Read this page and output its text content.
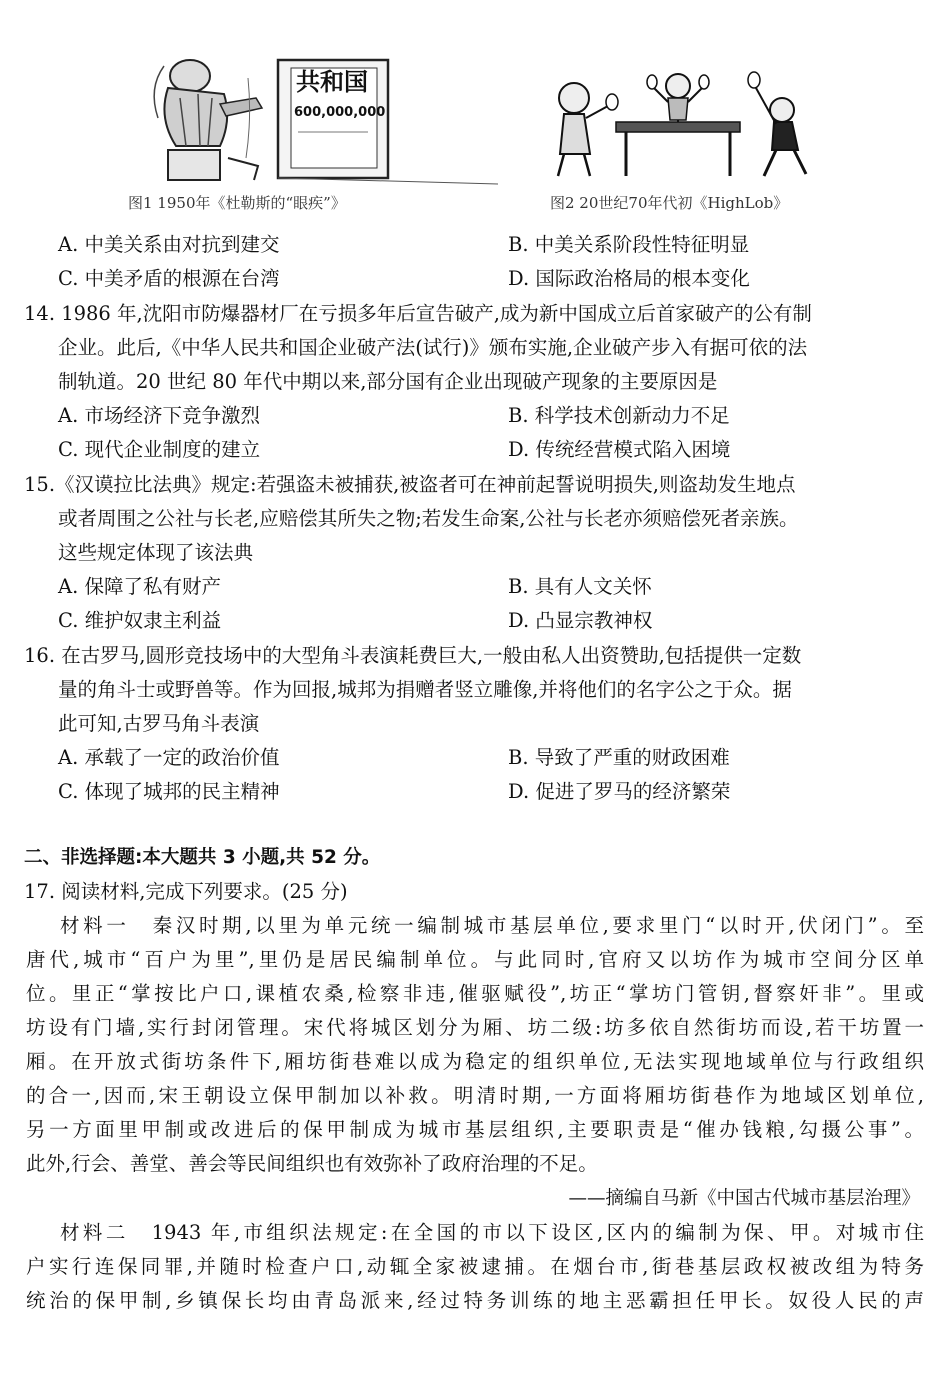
共和国
600,000,000
图1 1950年《杜勒斯的“眼疾”》	图2 20世纪70年代初《HighLob》
A. 中美关系由对抗到建交	B. 中美关系阶段性特征明显
C. 中美矛盾的根源在台湾	D. 国际政治格局的根本变化
14. 1986 年,沈阳市防爆器材厂在亏损多年后宣告破产,成为新中国成立后首家破产的公有制
企业。此后,《中华人民共和国企业破产法(试行)》颁布实施,企业破产步入有据可依的法
制轨道。20 世纪 80 年代中期以来,部分国有企业出现破产现象的主要原因是
A. 市场经济下竞争激烈	B. 科学技术创新动力不足
C. 现代企业制度的建立	D. 传统经营模式陷入困境
15.《汉谟拉比法典》规定:若强盗未被捕获,被盗者可在神前起誓说明损失,则盗劫发生地点
或者周围之公社与长老,应赔偿其所失之物;若发生命案,公社与长老亦须赔偿死者亲族。
这些规定体现了该法典
A. 保障了私有财产	B. 具有人文关怀
C. 维护奴隶主利益	D. 凸显宗教神权
16. 在古罗马,圆形竞技场中的大型角斗表演耗费巨大,一般由私人出资赞助,包括提供一定数
量的角斗士或野兽等。作为回报,城邦为捐赠者竖立雕像,并将他们的名字公之于众。据
此可知,古罗马角斗表演
A. 承载了一定的政治价值	B. 导致了严重的财政困难
C. 体现了城邦的民主精神	D. 促进了罗马的经济繁荣
二、非选择题:本大题共 3 小题,共 52 分。
17. 阅读材料,完成下列要求。(25 分)
材料一　秦汉时期,以里为单元统一编制城市基层单位,要求里门“以时开,伏闭门”。至
唐代,城市“百户为里”,里仍是居民编制单位。与此同时,官府又以坊作为城市空间分区单
位。里正“掌按比户口,课植农桑,检察非违,催驱赋役”,坊正“掌坊门管钥,督察奸非”。里或
坊设有门墙,实行封闭管理。宋代将城区划分为厢、坊二级:坊多依自然街坊而设,若干坊置一
厢。在开放式街坊条件下,厢坊街巷难以成为稳定的组织单位,无法实现地域单位与行政组织
的合一,因而,宋王朝设立保甲制加以补救。明清时期,一方面将厢坊街巷作为地域区划单位,
另一方面里甲制或改进后的保甲制成为城市基层组织,主要职责是“催办钱粮,勾摄公事”。
此外,行会、善堂、善会等民间组织也有效弥补了政府治理的不足。
——摘编自马新《中国古代城市基层治理》
材料二　1943 年,市组织法规定:在全国的市以下设区,区内的编制为保、甲。对城市住
户实行连保同罪,并随时检查户口,动辄全家被逮捕。在烟台市,街巷基层政权被改组为特务
统治的保甲制,乡镇保长均由青岛派来,经过特务训练的地主恶霸担任甲长。奴役人民的声
